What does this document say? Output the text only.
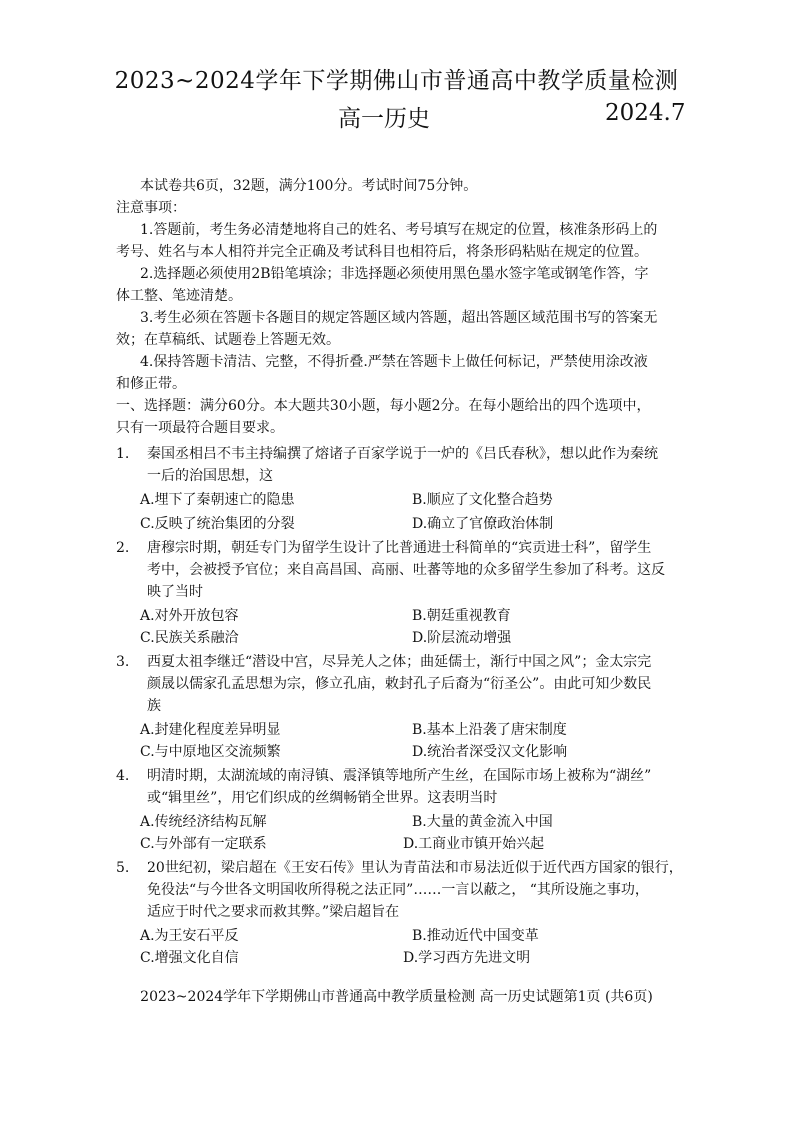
2023~2024学年下学期佛山市普通高中教学质量检测
高一历史	2024.7
本试卷共6页，32题，满分100分。考试时间75分钟。
注意事项：
1.答题前，考生务必清楚地将自己的姓名、考号填写在规定的位置，核准条形码上的
考号、姓名与本人相符并完全正确及考试科目也相符后，将条形码粘贴在规定的位置。
2.选择题必须使用2B铅笔填涂；非选择题必须使用黑色墨水签字笔或钢笔作答，字
体工整、笔迹清楚。
3.考生必须在答题卡各题目的规定答题区域内答题，超出答题区域范围书写的答案无
效；在草稿纸、试题卷上答题无效。
4.保持答题卡清洁、完整，不得折叠.严禁在答题卡上做任何标记，严禁使用涂改液
和修正带。
一、选择题：满分60分。本大题共30小题，每小题2分。在每小题给出的四个选项中，
只有一项最符合题目要求。
1. 秦国丞相吕不韦主持编撰了熔诸子百家学说于一炉的《吕氏春秋》，想以此作为秦统
一后的治国思想，这
A.埋下了秦朝速亡的隐患	B.顺应了文化整合趋势
C.反映了统治集团的分裂	D.确立了官僚政治体制
2. 唐穆宗时期，朝廷专门为留学生设计了比普通进士科简单的“宾贡进士科”，留学生
考中，会被授予官位；来自高昌国、高丽、吐蕃等地的众多留学生参加了科考。这反
映了当时
A.对外开放包容	B.朝廷重视教育
C.民族关系融洽	D.阶层流动增强
3. 西夏太祖李继迁“潜设中宫，尽异羌人之体；曲延儒士，渐行中国之风”；金太宗完
颜晟以儒家孔孟思想为宗，修立孔庙，敕封孔子后裔为“衍圣公”。由此可知少数民
族
A.封建化程度差异明显	B.基本上沿袭了唐宋制度
C.与中原地区交流频繁	D.统治者深受汉文化影响
4. 明清时期，太湖流域的南浔镇、震泽镇等地所产生丝，在国际市场上被称为“湖丝”
或“辑里丝”，用它们织成的丝绸畅销全世界。这表明当时
A.传统经济结构瓦解	B.大量的黄金流入中国
C.与外部有一定联系	D.工商业市镇开始兴起
5. 20世纪初，梁启超在《王安石传》里认为青苗法和市易法近似于近代西方国家的银行，
免役法“与今世各文明国收所得税之法正同”……一言以蔽之， “其所设施之事功，
适应于时代之要求而救其弊。”梁启超旨在
A.为王安石平反	B.推动近代中国变革
C.增强文化自信	D.学习西方先进文明
2023~2024学年下学期佛山市普通高中教学质量检测 高一历史试题第1页 (共6页)
